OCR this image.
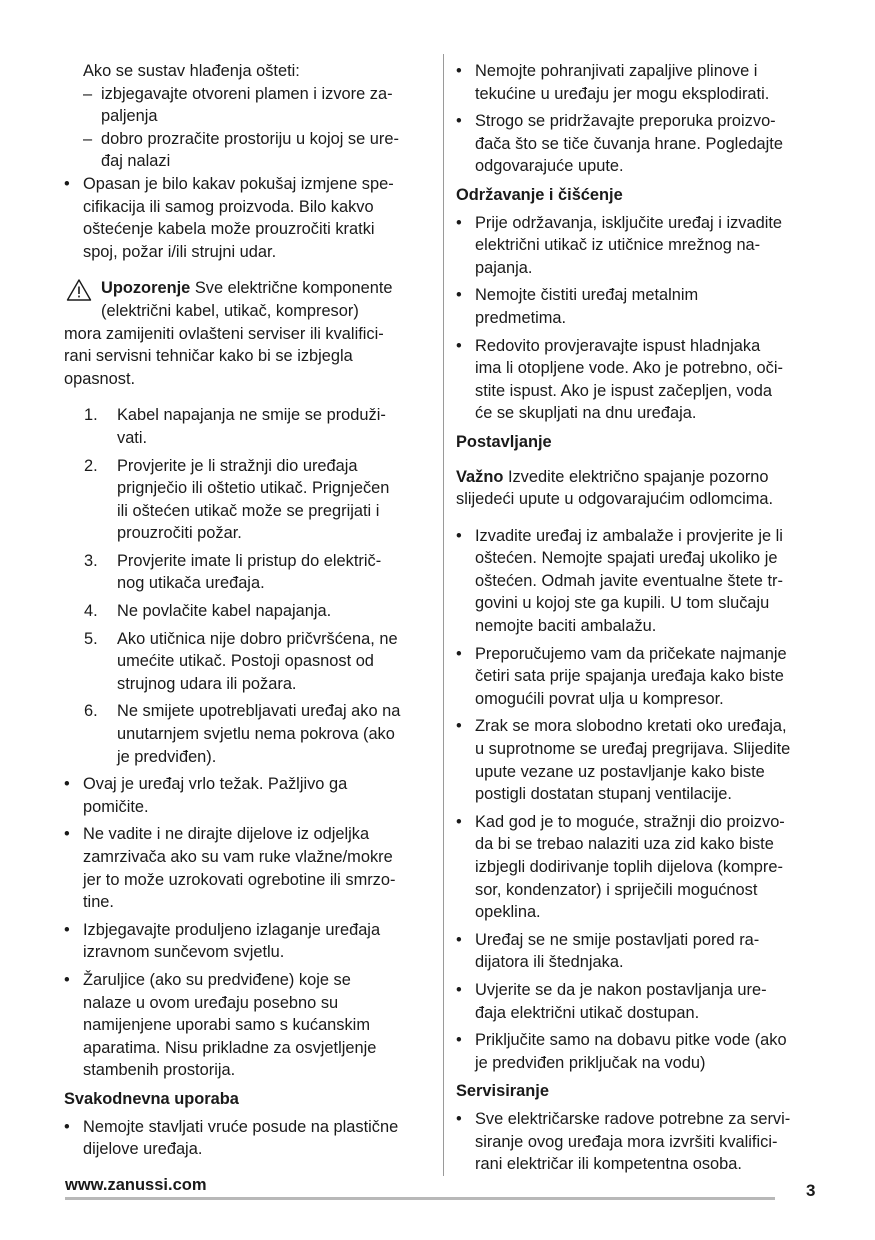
Ako se sustav hlađenja ošteti:

– izbjegavajte otvoreni plamen i izvore za-
paljenja
– dobro prozračite prostoriju u kojoj se ure-
đaj nalazi
• Opasan je bilo kakav pokušaj izmjene spe-
cifikacija ili samog proizvoda. Bilo kakvo
oštećenje kabela može prouzročiti kratki
spoj, požar i/ili strujni udar.
Upozorenje Sve električne komponente
(električni kabel, utikač, kompresor)
mora zamijeniti ovlašteni serviser ili kvalifici-
rani servisni tehničar kako bi se izbjegla
opasnost.
1. Kabel napajanja ne smije se produži-
vati.
2. Provjerite je li stražnji dio uređaja
prignječio ili oštetio utikač. Prignječen
ili oštećen utikač može se pregrijati i
prouzročiti požar.
3. Provjerite imate li pristup do električ-
nog utikača uređaja.
4. Ne povlačite kabel napajanja.
5. Ako utičnica nije dobro pričvršćena, ne
umećite utikač. Postoji opasnost od
strujnog udara ili požara.
6. Ne smijete upotrebljavati uređaj ako na
unutarnjem svjetlu nema pokrova (ako
je predviđen).
• Ovaj je uređaj vrlo težak. Pažljivo ga
pomičite.
• Ne vadite i ne dirajte dijelove iz odjeljka
zamrzivača ako su vam ruke vlažne/mokre
jer to može uzrokovati ogrebotine ili smrzo-
tine.
• Izbjegavajte produljeno izlaganje uređaja
izravnom sunčevom svjetlu.
• Žaruljice (ako su predviđene) koje se
nalaze u ovom uređaju posebno su
namijenjene uporabi samo s kućanskim
aparatima. Nisu prikladne za osvjetljenje
stambenih prostorija.

Svakodnevna uporaba

• Nemojte stavljati vruće posude na plastične
dijelove uređaja.
• Nemojte pohranjivati zapaljive plinove i
tekućine u uređaju jer mogu eksplodirati.
• Strogo se pridržavajte preporuka proizvo-
đača što se tiče čuvanja hrane. Pogledajte
odgovarajuće upute.

Održavanje i čišćenje

• Prije održavanja, isključite uređaj i izvadite
električni utikač iz utičnice mrežnog na-
pajanja.
• Nemojte čistiti uređaj metalnim
predmetima.
• Redovito provjeravajte ispust hladnjaka
ima li otopljene vode. Ako je potrebno, oči-
stite ispust. Ako je ispust začepljen, voda
će se skupljati na dnu uređaja.

Postavljanje

Važno Izvedite električno spajanje pozorno
slijedeći upute u odgovarajućim odlomcima.
• Izvadite uređaj iz ambalaže i provjerite je li
oštećen. Nemojte spajati uređaj ukoliko je
oštećen. Odmah javite eventualne štete tr-
govini u kojoj ste ga kupili. U tom slučaju
nemojte baciti ambalažu.
• Preporučujemo vam da pričekate najmanje
četiri sata prije spajanja uređaja kako biste
omogućili povrat ulja u kompresor.
• Zrak se mora slobodno kretati oko uređaja,
u suprotnome se uređaj pregrijava. Slijedite
upute vezane uz postavljanje kako biste
postigli dostatan stupanj ventilacije.
• Kad god je to moguće, stražnji dio proizvo-
da bi se trebao nalaziti uza zid kako biste
izbjegli dodirivanje toplih dijelova (kompre-
sor, kondenzator) i spriječili mogućnost
opeklina.
• Uređaj se ne smije postavljati pored ra-
dijatora ili štednjaka.
• Uvjerite se da je nakon postavljanja ure-
đaja električni utikač dostupan.
• Priključite samo na dobavu pitke vode (ako
je predviđen priključak na vodu)

Servisiranje

• Sve električarske radove potrebne za servi-
siranje ovog uređaja mora izvršiti kvalifici-
rani električar ili kompetentna osoba.
www.zanussi.com	3
